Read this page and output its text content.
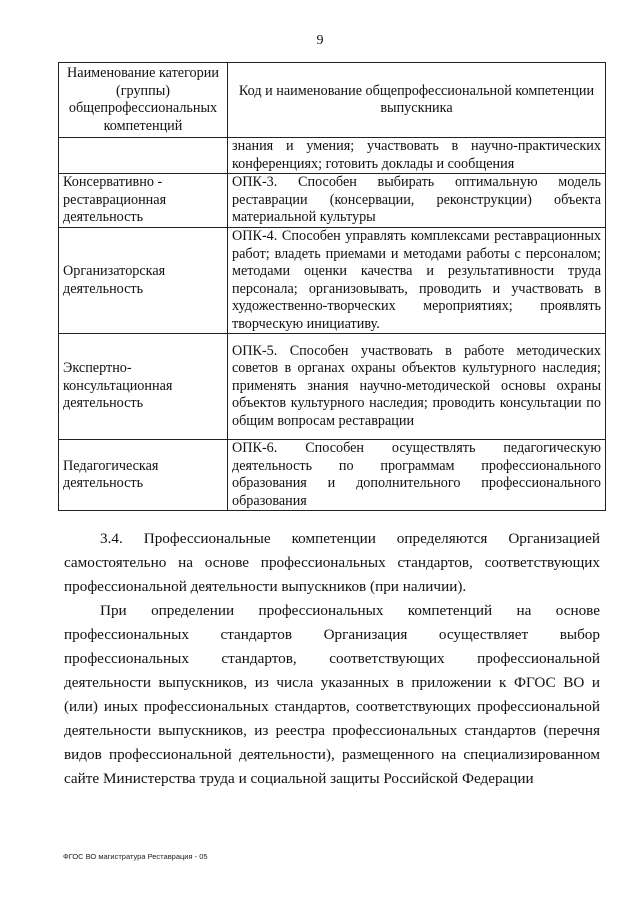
9
Наименование категории (группы) общепрофессиональных компетенций	Код и наименование общепрофессиональной компетенции выпускника
	знания и умения; участвовать в научно-практических конференциях; готовить доклады и сообщения
Консервативно - реставрационная деятельность	ОПК-3. Способен выбирать оптимальную модель реставрации (консервации, реконструкции) объекта материальной культуры
Организаторская деятельность	ОПК-4. Способен управлять комплексами реставрационных работ; владеть приемами и методами работы с персоналом; методами оценки качества и результативности труда персонала; организовывать, проводить и участвовать в художественно-творческих мероприятиях; проявлять творческую инициативу.
Экспертно-консультационная деятельность	ОПК-5. Способен участвовать в работе методических советов в органах охраны объектов культурного наследия; применять знания научно-методической основы охраны объектов культурного наследия; проводить консультации по общим вопросам реставрации
Педагогическая деятельность	ОПК-6. Способен осуществлять педагогическую деятельность по программам профессионального образования и дополнительного профессионального образования

3.4. Профессиональные компетенции определяются Организацией самостоятельно на основе профессиональных стандартов, соответствующих профессиональной деятельности выпускников (при наличии).

При определении профессиональных компетенций на основе профессиональных стандартов Организация осуществляет выбор профессиональных стандартов, соответствующих профессиональной деятельности выпускников, из числа указанных в приложении к ФГОС ВО и (или) иных профессиональных стандартов, соответствующих профессиональной деятельности выпускников, из реестра профессиональных стандартов (перечня видов профессиональной деятельности), размещенного на специализированном сайте Министерства труда и социальной защиты Российской Федерации

ФГОС ВО магистратура Реставрация - 05
